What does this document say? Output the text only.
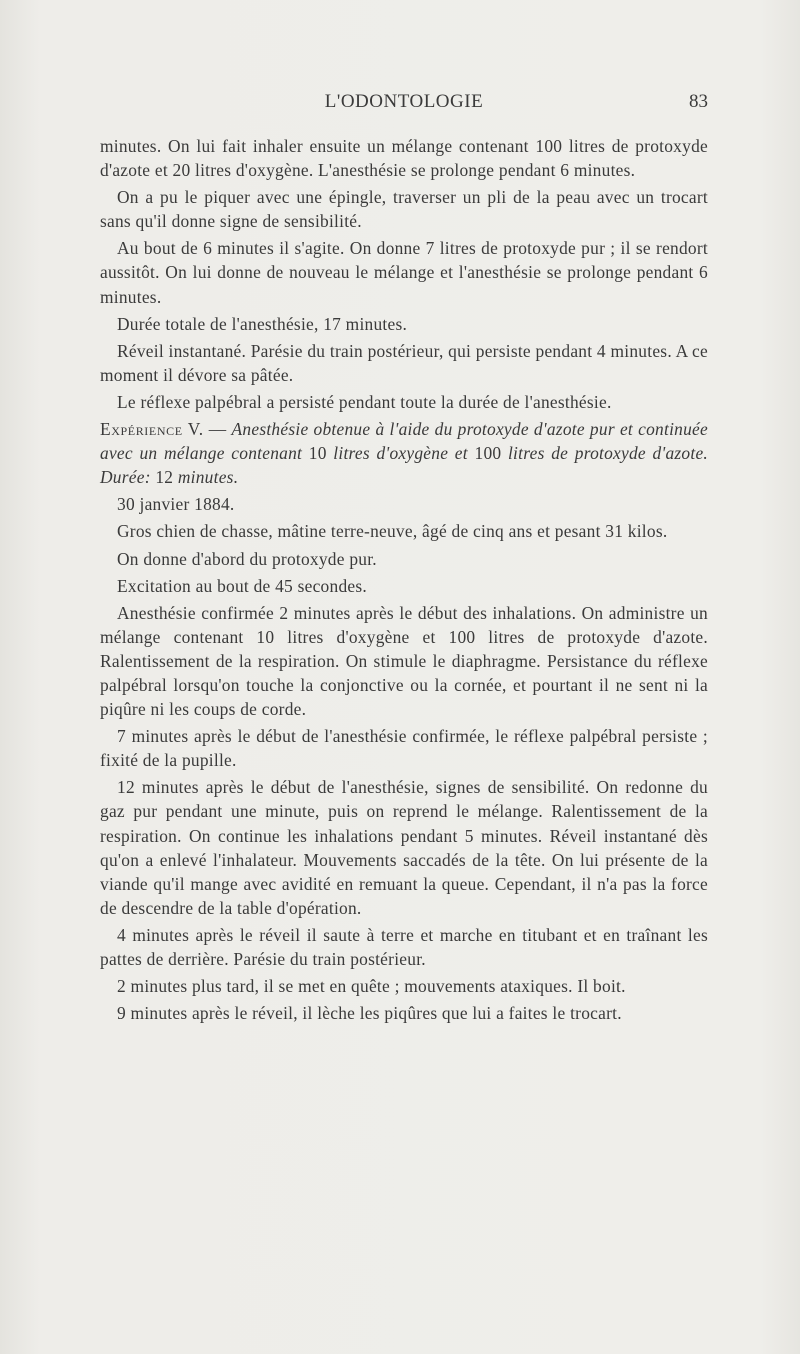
L'ODONTOLOGIE	83

minutes. On lui fait inhaler ensuite un mélange contenant 100 litres de protoxyde d'azote et 20 litres d'oxygène. L'anesthésie se prolonge pendant 6 minutes.

On a pu le piquer avec une épingle, traverser un pli de la peau avec un trocart sans qu'il donne signe de sensibilité.

Au bout de 6 minutes il s'agite. On donne 7 litres de protoxyde pur ; il se rendort aussitôt. On lui donne de nouveau le mélange et l'anesthésie se prolonge pendant 6 minutes.

Durée totale de l'anesthésie, 17 minutes.

Réveil instantané. Parésie du train postérieur, qui persiste pendant 4 minutes. A ce moment il dévore sa pâtée.

Le réflexe palpébral a persisté pendant toute la durée de l'anesthésie.

Expérience V. — Anesthésie obtenue à l'aide du protoxyde d'azote pur et continuée avec un mélange contenant 10 litres d'oxygène et 100 litres de protoxyde d'azote. Durée: 12 minutes.

30 janvier 1884.

Gros chien de chasse, mâtine terre-neuve, âgé de cinq ans et pesant 31 kilos.

On donne d'abord du protoxyde pur.

Excitation au bout de 45 secondes.

Anesthésie confirmée 2 minutes après le début des inhalations. On administre un mélange contenant 10 litres d'oxygène et 100 litres de protoxyde d'azote. Ralentissement de la respiration. On stimule le diaphragme. Persistance du réflexe palpébral lorsqu'on touche la conjonctive ou la cornée, et pourtant il ne sent ni la piqûre ni les coups de corde.

7 minutes après le début de l'anesthésie confirmée, le réflexe palpébral persiste ; fixité de la pupille.

12 minutes après le début de l'anesthésie, signes de sensibilité. On redonne du gaz pur pendant une minute, puis on reprend le mélange. Ralentissement de la respiration. On continue les inhalations pendant 5 minutes. Réveil instantané dès qu'on a enlevé l'inhalateur. Mouvements saccadés de la tête. On lui présente de la viande qu'il mange avec avidité en remuant la queue. Cependant, il n'a pas la force de descendre de la table d'opération.

4 minutes après le réveil il saute à terre et marche en titubant et en traînant les pattes de derrière. Parésie du train postérieur.

2 minutes plus tard, il se met en quête ; mouvements ataxiques. Il boit.

9 minutes après le réveil, il lèche les piqûres que lui a faites le trocart.
